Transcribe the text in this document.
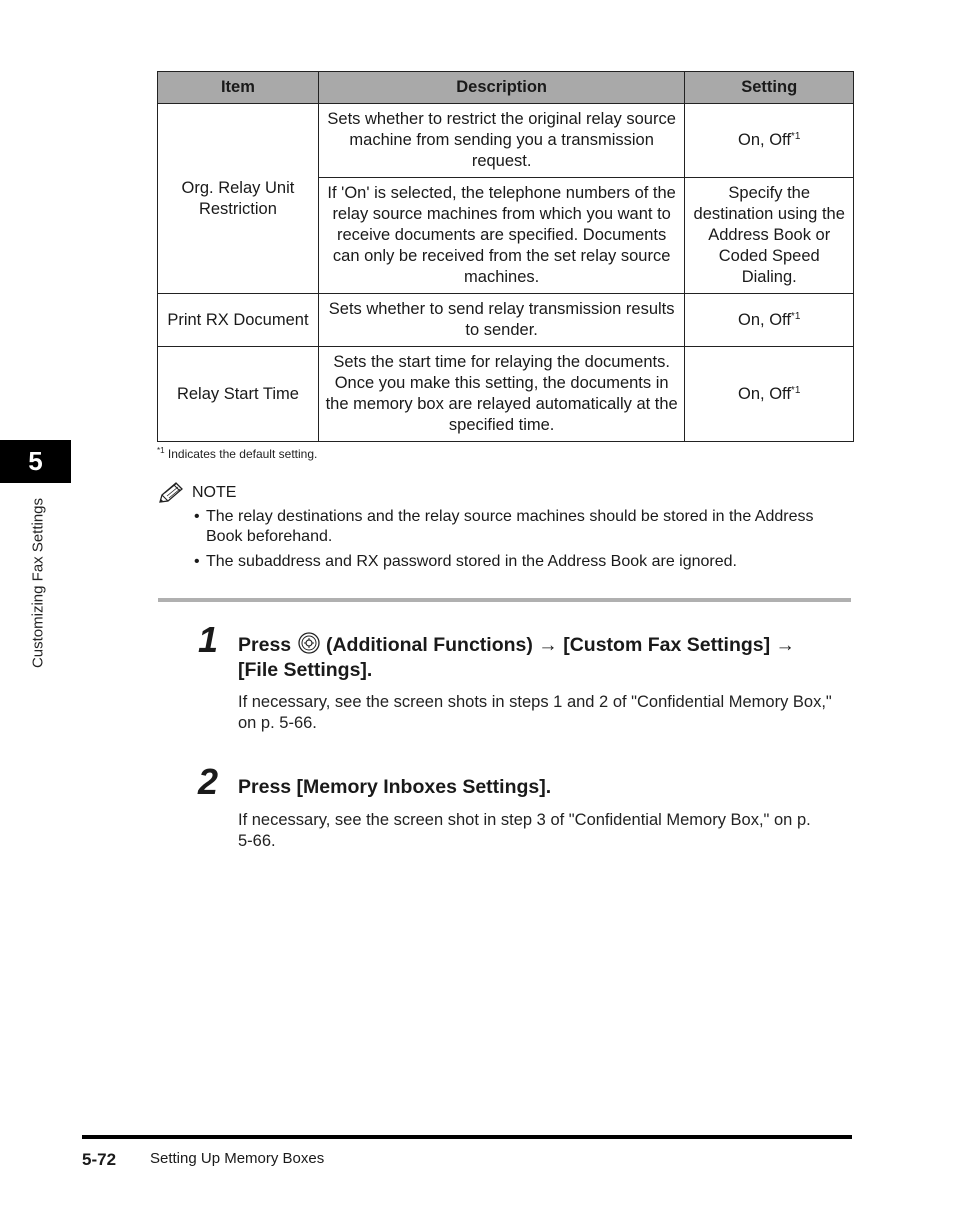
Item	Description	Setting
Org. Relay Unit Restriction	Sets whether to restrict the original relay source machine from sending you a transmission request.	On, Off$^{*1}$
	If 'On' is selected, the telephone numbers of the relay source machines from which you want to receive documents are specified. Documents can only be received from the set relay source machines.	Specify the destination using the Address Book or Coded Speed Dialing.
Print RX Document	Sets whether to send relay transmission results to sender.	On, Off$^{*1}$
Relay Start Time	Sets the start time for relaying the documents. Once you make this setting, the documents in the memory box are relayed automatically at the specified time.	On, Off$^{*1}$
$^{*1}$ Indicates the default setting.
5
Customizing Fax Settings
NOTE
• The relay destinations and the relay source machines should be stored in the Address Book beforehand.
• The subaddress and RX password stored in the Address Book are ignored.
1 Press (Additional Functions) → [Custom Fax Settings] → [File Settings].
If necessary, see the screen shots in steps 1 and 2 of "Confidential Memory Box," on p. 5-66.
2 Press [Memory Inboxes Settings].
If necessary, see the screen shot in step 3 of "Confidential Memory Box," on p. 5-66.
5-72 Setting Up Memory Boxes
